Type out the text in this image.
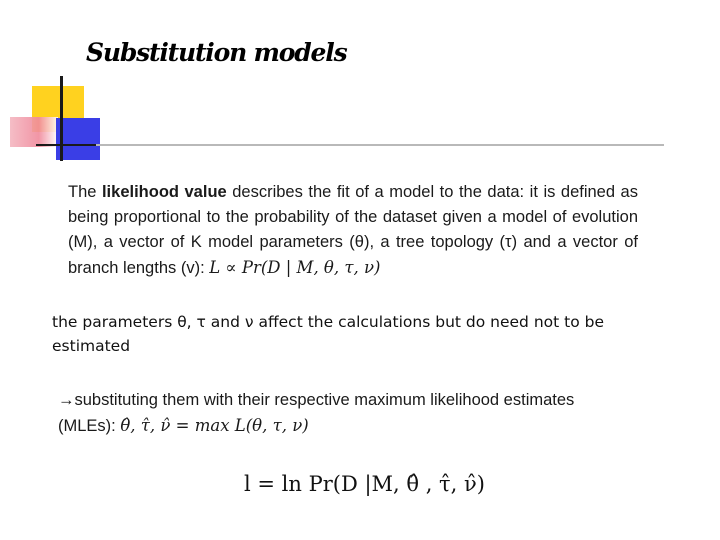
Substitution models
The likelihood value describes the fit of a model to the data: it is defined as being proportional to the probability of the dataset given a model of evolution (M), a vector of K model parameters (θ), a tree topology (τ) and a vector of branch lengths (v): L ∝ Pr(D | M, θ, τ, ν)
the parameters θ, τ and ν affect the calculations but do need not to be estimated
→substituting them with their respective maximum likelihood estimates (MLEs): θ̂, τ̂, ν̂ = max L(θ, τ, ν)
l = ln Pr(D |M, θ̂ , τ̂, ν̂)
